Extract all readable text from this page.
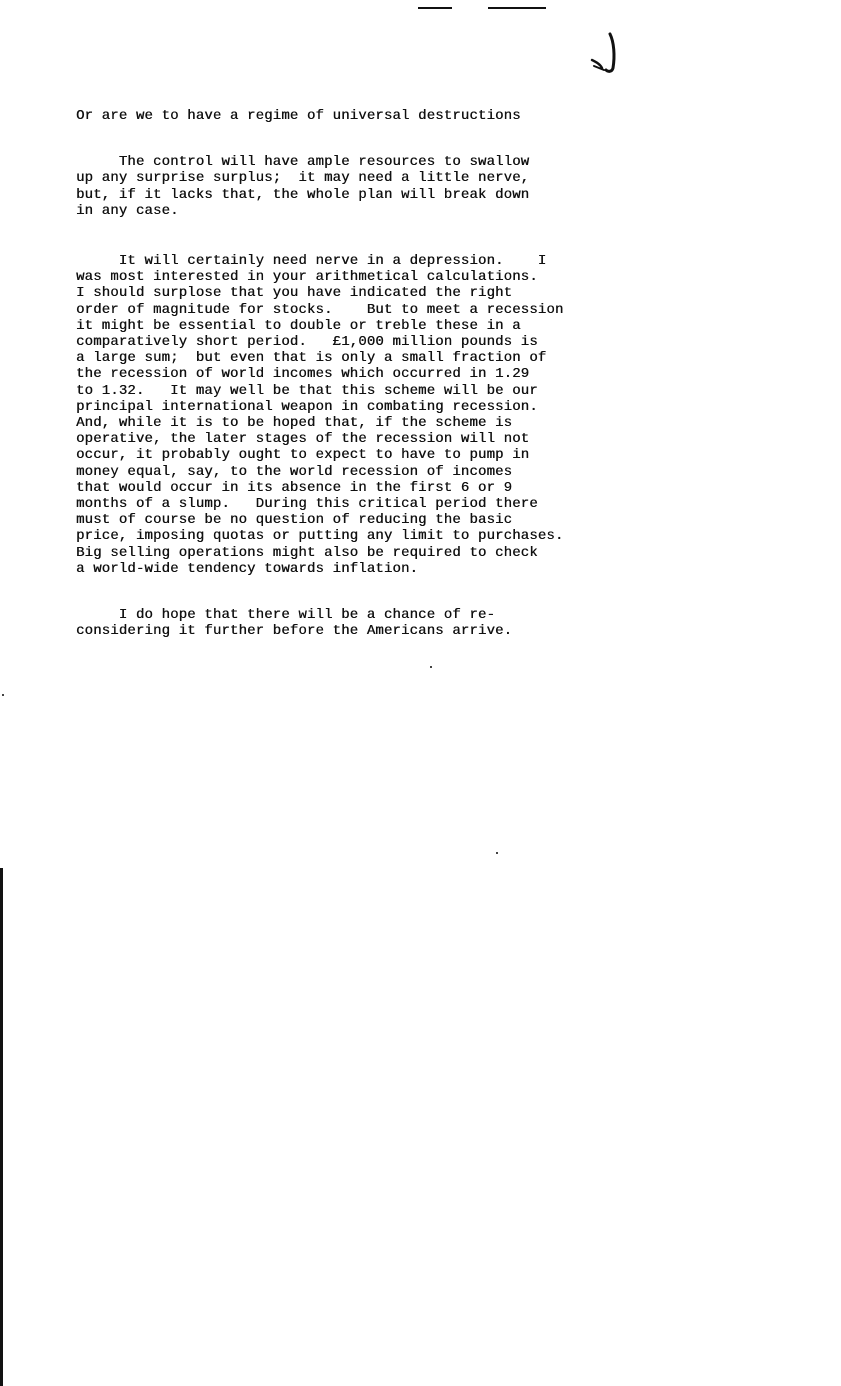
Or are we to have a regime of universal destructions
The control will have ample resources to swallow
up any surprise surplus;  it may need a little nerve,
but, if it lacks that, the whole plan will break down
in any case.
It will certainly need nerve in a depression.    I
was most interested in your arithmetical calculations.
I should surplose that you have indicated the right
order of magnitude for stocks.    But to meet a recession
it might be essential to double or treble these in a
comparatively short period.   £1,000 million pounds is
a large sum;  but even that is only a small fraction of
the recession of world incomes which occurred in 1.29
to 1.32.   It may well be that this scheme will be our
principal international weapon in combating recession.
And, while it is to be hoped that, if the scheme is
operative, the later stages of the recession will not
occur, it probably ought to expect to have to pump in
money equal, say, to the world recession of incomes
that would occur in its absence in the first 6 or 9
months of a slump.   During this critical period there
must of course be no question of reducing the basic
price, imposing quotas or putting any limit to purchases.
Big selling operations might also be required to check
a world-wide tendency towards inflation.
I do hope that there will be a chance of re-
considering it further before the Americans arrive.
